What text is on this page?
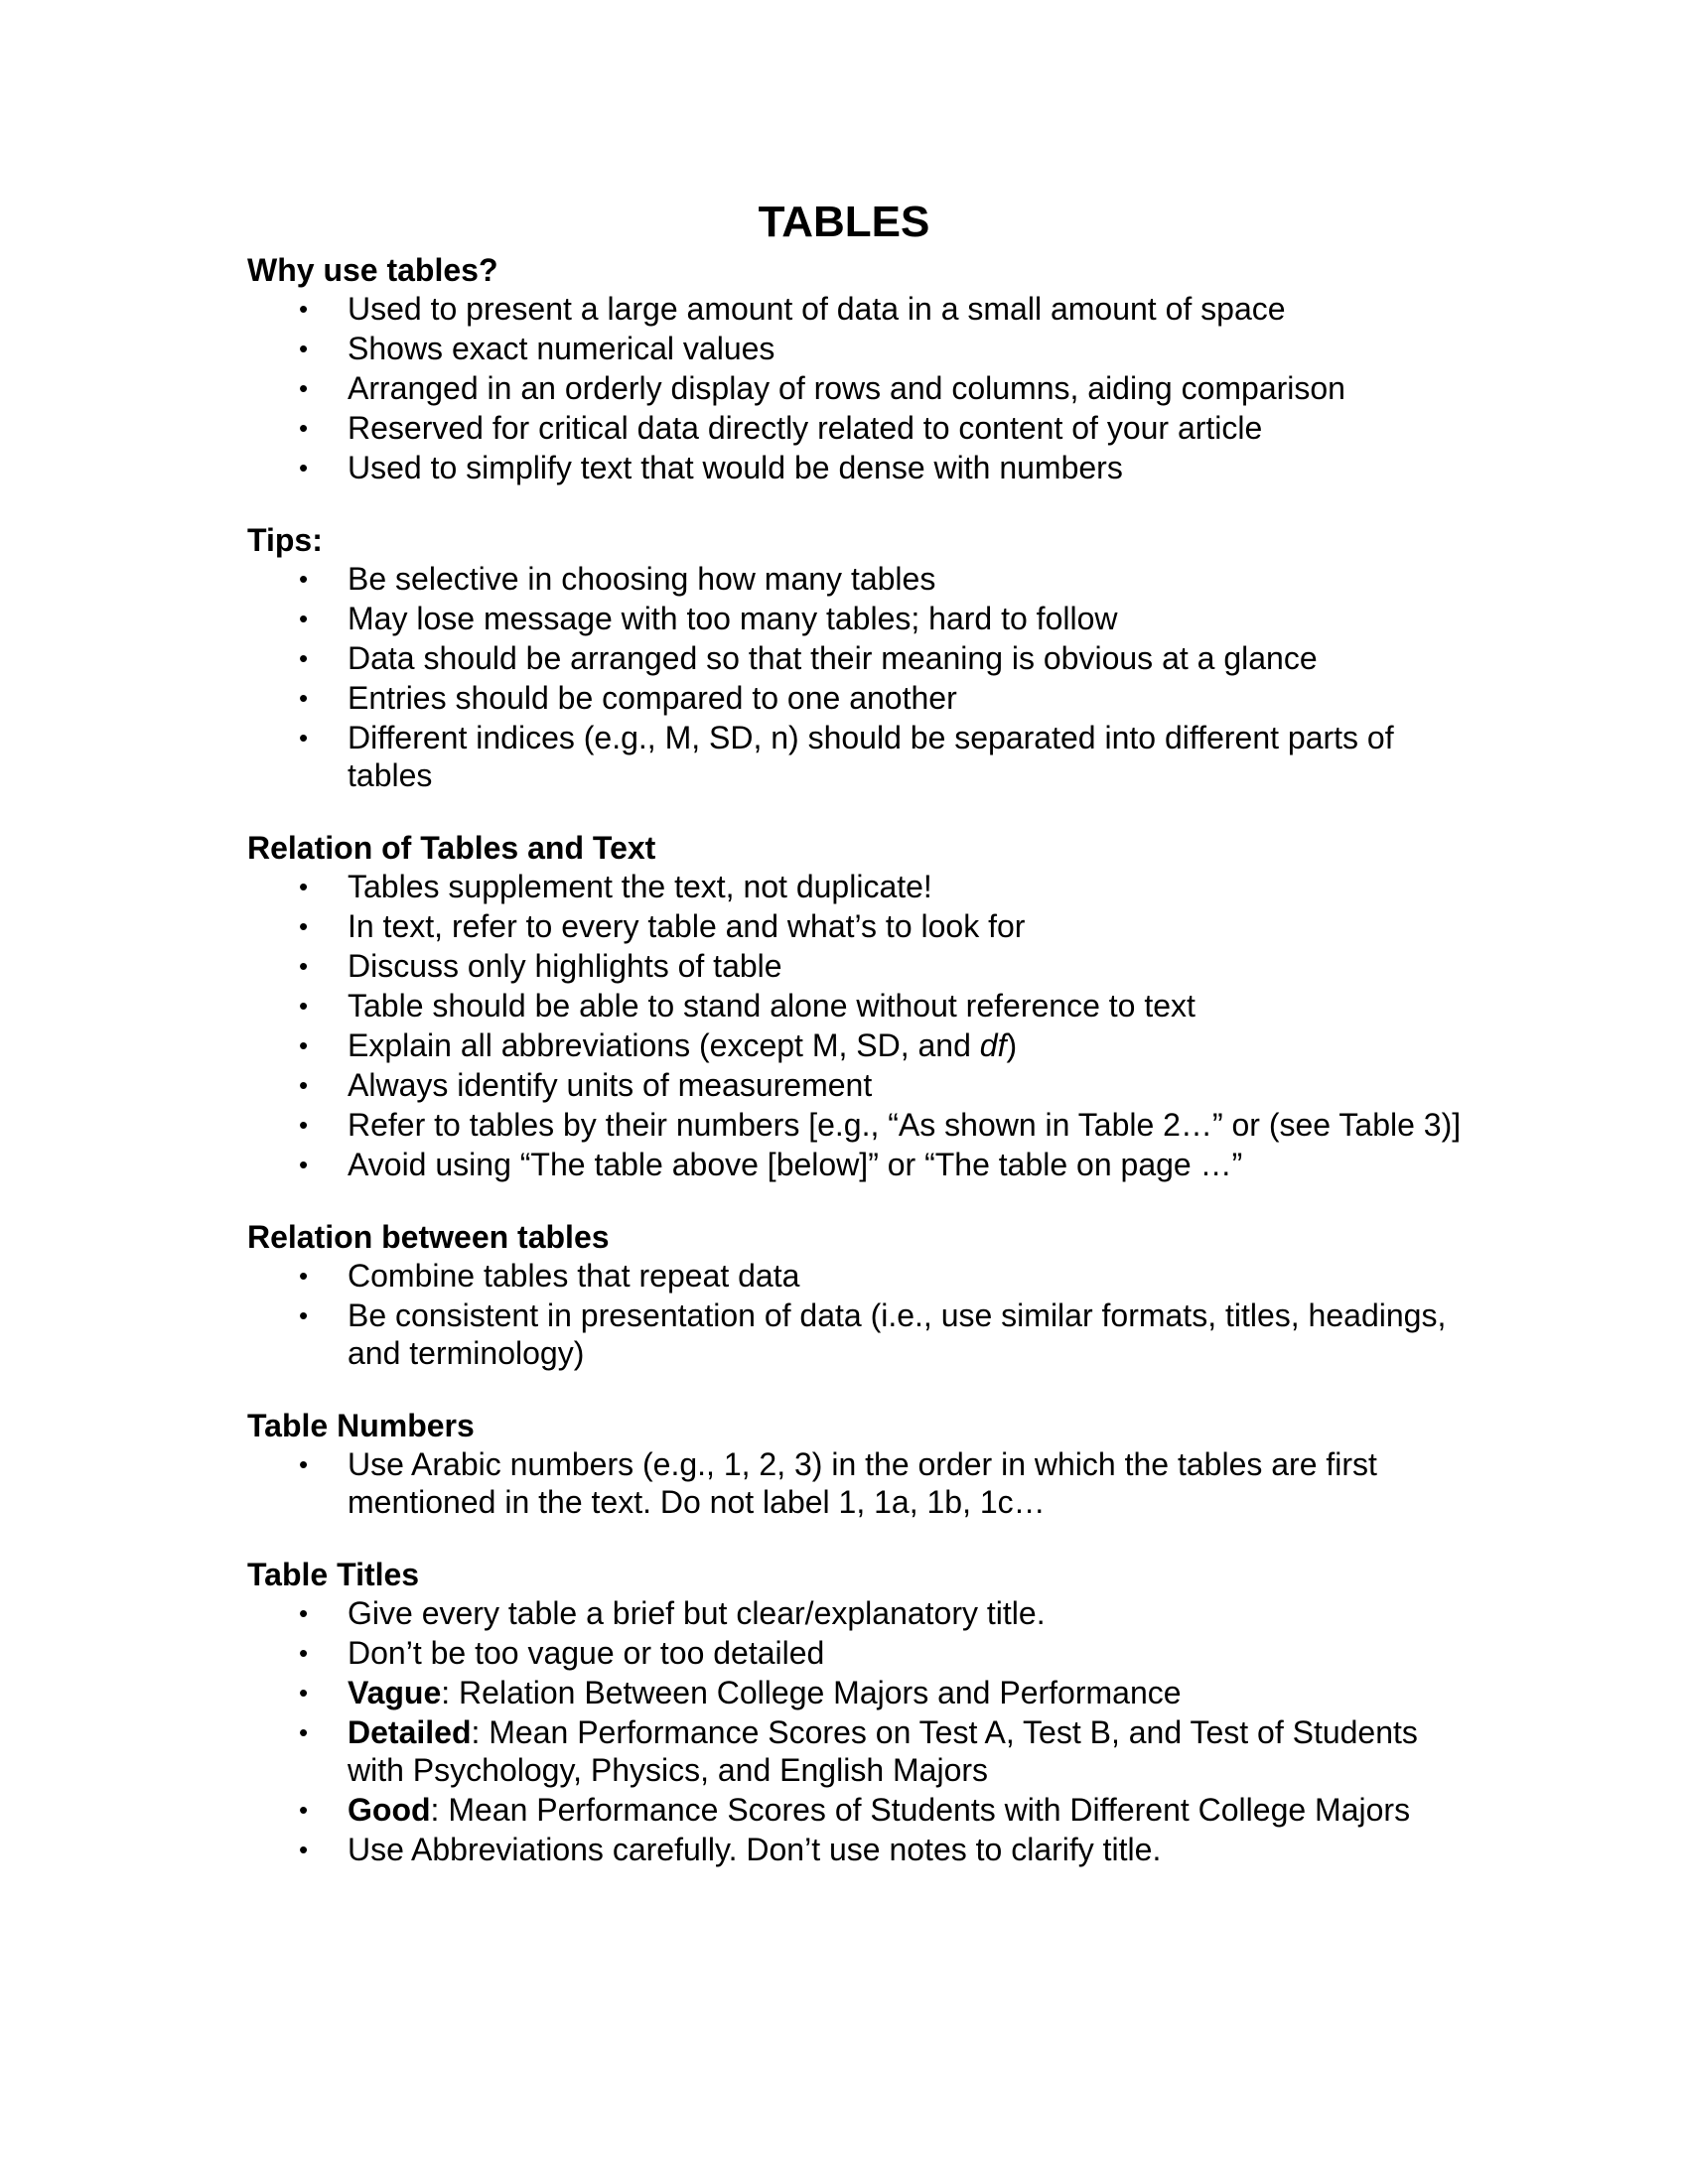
TABLES

Why use tables?

• Used to present a large amount of data in a small amount of space
• Shows exact numerical values
• Arranged in an orderly display of rows and columns, aiding comparison
• Reserved for critical data directly related to content of your article
• Used to simplify text that would be dense with numbers

Tips:

• Be selective in choosing how many tables
• May lose message with too many tables; hard to follow
• Data should be arranged so that their meaning is obvious at a glance
• Entries should be compared to one another
• Different indices (e.g., M, SD, n) should be separated into different parts of tables

Relation of Tables and Text

• Tables supplement the text, not duplicate!
• In text, refer to every table and what’s to look for
• Discuss only highlights of table
• Table should be able to stand alone without reference to text
• Explain all abbreviations (except M, SD, and df)
• Always identify units of measurement
• Refer to tables by their numbers [e.g., “As shown in Table 2…” or (see Table 3)]
• Avoid using “The table above [below]” or “The table on page …”

Relation between tables

• Combine tables that repeat data
• Be consistent in presentation of data (i.e., use similar formats, titles, headings, and terminology)

Table Numbers

• Use Arabic numbers (e.g., 1, 2, 3) in the order in which the tables are first mentioned in the text. Do not label 1, 1a, 1b, 1c…

Table Titles

• Give every table a brief but clear/explanatory title.
• Don’t be too vague or too detailed
• Vague: Relation Between College Majors and Performance
• Detailed: Mean Performance Scores on Test A, Test B, and Test of Students with Psychology, Physics, and English Majors
• Good: Mean Performance Scores of Students with Different College Majors
• Use Abbreviations carefully. Don’t use notes to clarify title.
